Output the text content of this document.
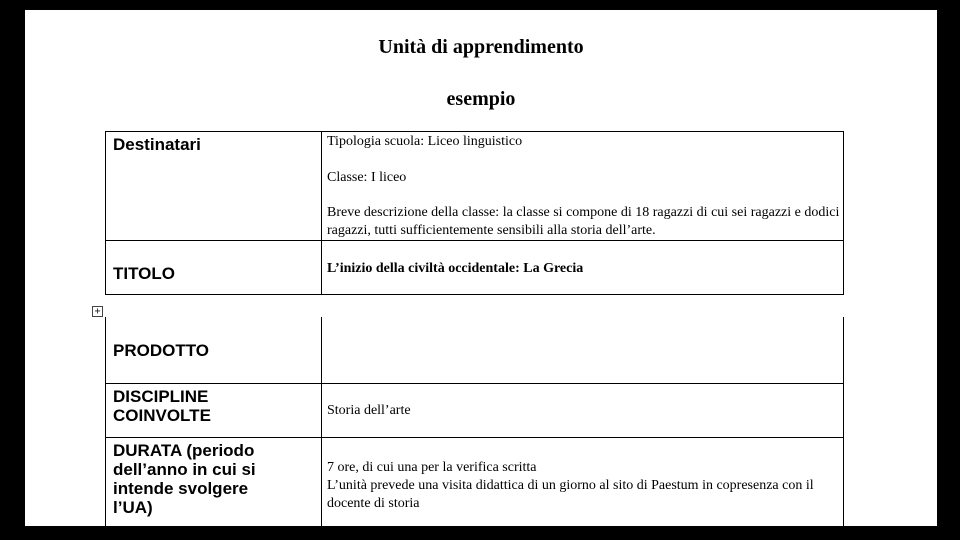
Unità di apprendimento
esempio
Destinatari	Tipologia scuola: Liceo linguistico

Classe: I liceo

Breve descrizione della classe: la classe si compone di 18 ragazzi di cui sei ragazzi e dodici ragazzi, tutti sufficientemente sensibili alla storia dell’arte.

TITOLO	L’inizio della civiltà occidentale: La Grecia
+
PRODOTTO	
DISCIPLINE COINVOLTE	Storia dell’arte
DURATA (periodo dell’anno in cui si intende svolgere l’UA)	7 ore, di cui una per la verifica scritta

L’unità prevede una visita didattica di un giorno al sito di Paestum in copresenza con il docente di storia
